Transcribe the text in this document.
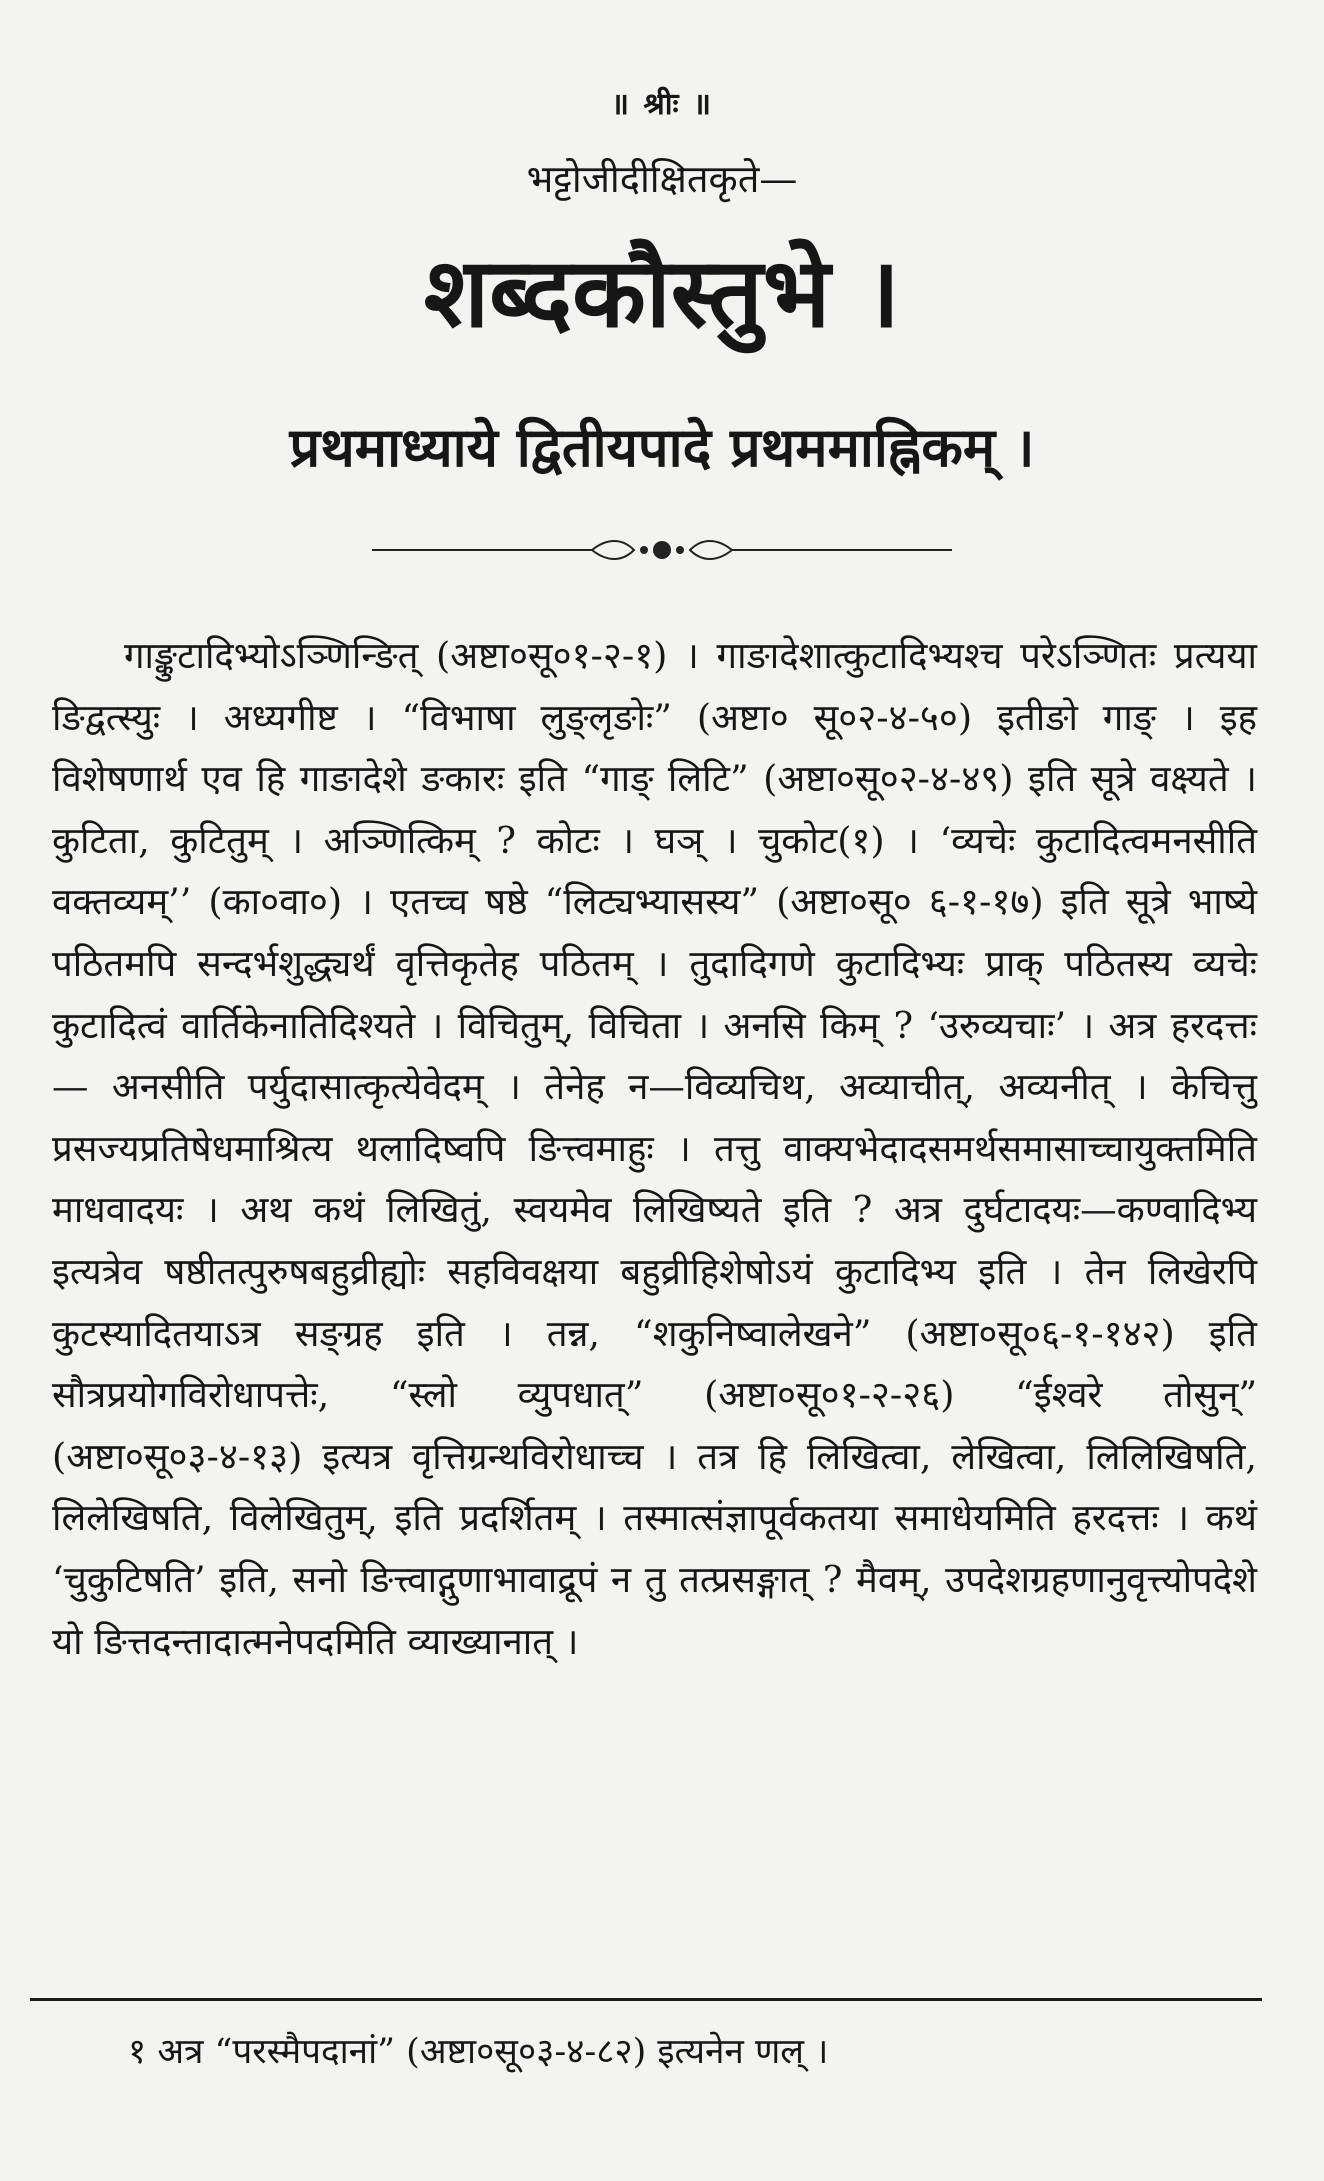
॥ श्रीः ॥
भट्टोजीदीक्षितकृते—
शब्दकौस्तुभे ।
प्रथमाध्याये द्वितीयपादे प्रथममाह्निकम् ।

गाङ्कुटादिभ्योऽञ्णिन्ङित् (अष्टा०सू०१-२-१) । गाङादेशात्कुटादिभ्यश्च परेऽञ्णितः प्रत्यया ङिद्वत्स्युः । अध्यगीष्ट । “विभाषा लुङ्लृङोः” (अष्टा० सू०२-४-५०) इतीङो गाङ् । इह विशेषणार्थ एव हि गाङादेशे ङकारः इति “गाङ् लिटि” (अष्टा०सू०२-४-४९) इति सूत्रे वक्ष्यते । कुटिता, कुटितुम् । अञ्णित्किम् ? कोटः । घञ् । चुकोट(१) । ‘व्यचेः कुटादित्वमनसीति वक्तव्यम्’’ (का०वा०) । एतच्च षष्ठे “लिट्यभ्यासस्य” (अष्टा०सू० ६-१-१७) इति सूत्रे भाष्ये पठितमपि सन्दर्भशुद्ध्यर्थं वृत्तिकृतेह पठितम् । तुदादिगणे कुटादिभ्यः प्राक् पठितस्य व्यचेः कुटादित्वं वार्तिकेनातिदिश्यते । विचितुम्, विचिता । अनसि किम् ? ‘उरुव्यचाः’ । अत्र हरदत्तः— अनसीति पर्युदासात्कृत्येवेदम् । तेनेह न—विव्यचिथ, अव्याचीत्, अव्यनीत् । केचित्तु प्रसज्यप्रतिषेधमाश्रित्य थलादिष्वपि ङित्त्वमाहुः । तत्तु वाक्यभेदादसमर्थसमासाच्चायुक्तमिति माधवादयः । अथ कथं लिखितुं, स्वयमेव लिखिष्यते इति ? अत्र दुर्घटादयः—कण्वादिभ्य इत्यत्रेव षष्ठीतत्पुरुषबहुव्रीह्योः सहविवक्षया बहुव्रीहिशेषोऽयं कुटादिभ्य इति । तेन लिखेरपि कुटस्यादितयाऽत्र सङ्ग्रह इति । तन्न, “शकुनिष्वालेखने” (अष्टा०सू०६-१-१४२) इति सौत्रप्रयोगविरोधापत्तेः, “स्लो व्युपधात्” (अष्टा०सू०१-२-२६) “ईश्वरे तोसुन्” (अष्टा०सू०३-४-१३) इत्यत्र वृत्तिग्रन्थविरोधाच्च । तत्र हि लिखित्वा, लेखित्वा, लिलिखिषति, लिलेखिषति, विलेखितुम्, इति प्रदर्शितम् । तस्मात्संज्ञापूर्वकतया समाधेयमिति हरदत्तः । कथं ‘चुकुटिषति’ इति, सनो ङित्त्वाद्गुणाभावाद्रूपं न तु तत्प्रसङ्गात् ? मैवम्, उपदेशग्रहणानुवृत्त्योपदेशे यो ङित्तदन्तादात्मनेपदमिति व्याख्यानात् ।

१ अत्र “परस्मैपदानां” (अष्टा०सू०३-४-८२) इत्यनेन णल् ।
